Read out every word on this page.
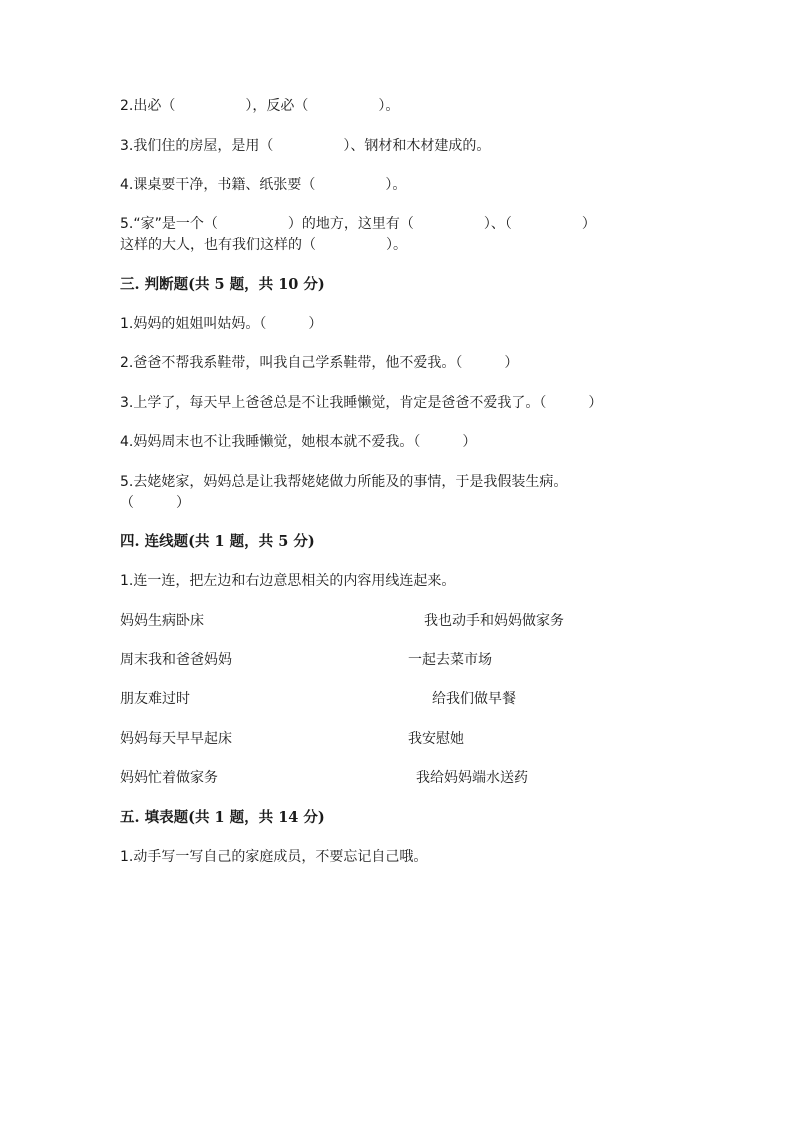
2.出必（　　　　　），反必（　　　　　）。
3.我们住的房屋，是用（　　　　　）、钢材和木材建成的。
4.课桌要干净，书籍、纸张要（　　　　　）。
5.“家”是一个（　　　　　）的地方，这里有（　　　　　）、（　　　　　）
这样的大人，也有我们这样的（　　　　　）。
三. 判断题(共 5 题，共 10 分)
1.妈妈的姐姐叫姑妈。（　　　）
2.爸爸不帮我系鞋带，叫我自己学系鞋带，他不爱我。（　　　）
3.上学了，每天早上爸爸总是不让我睡懒觉，肯定是爸爸不爱我了。（　　　）
4.妈妈周末也不让我睡懒觉，她根本就不爱我。（　　　）
5.去姥姥家，妈妈总是让我帮姥姥做力所能及的事情，于是我假装生病。
（　　　）
四. 连线题(共 1 题，共 5 分)
1.连一连，把左边和右边意思相关的内容用线连起来。
妈妈生病卧床	我也动手和妈妈做家务
周末我和爸爸妈妈	一起去菜市场
朋友难过时	给我们做早餐
妈妈每天早早起床	我安慰她
妈妈忙着做家务	我给妈妈端水送药
五. 填表题(共 1 题，共 14 分)
1.动手写一写自己的家庭成员，不要忘记自己哦。
